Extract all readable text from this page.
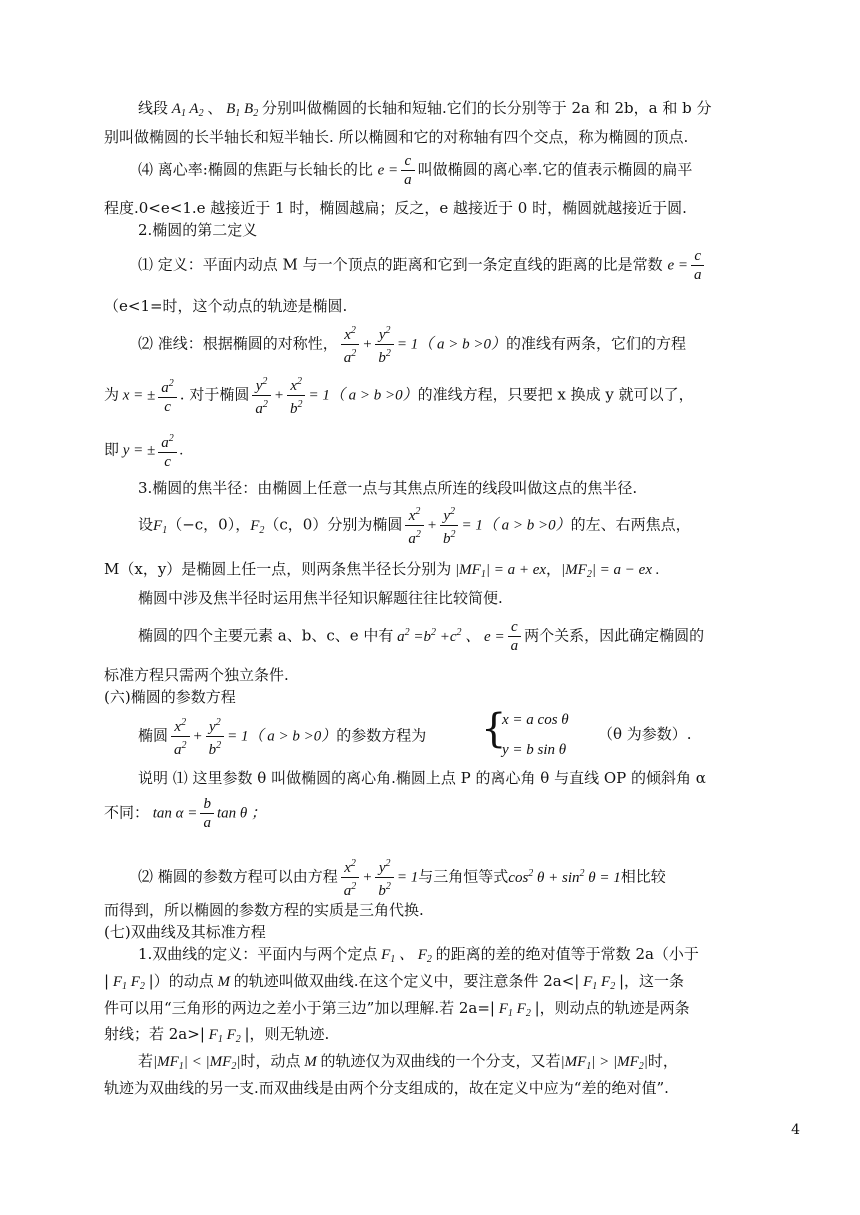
线段 $A_1$ $A_2$ 、 $B_1$ $B_2$ 分别叫做椭圆的长轴和短轴.它们的长分别等于 2a 和 2b，a 和 b 分
别叫做椭圆的长半轴长和短半轴长. 所以椭圆和它的对称轴有四个交点，称为椭圆的顶点.
⑷ 离心率:椭圆的焦距与长轴长的比 $e = \frac{c}{a}$ 叫做椭圆的离心率.它的值表示椭圆的扁平
程度.0<e<1.e 越接近于 1 时，椭圆越扁；反之，e 越接近于 0 时，椭圆就越接近于圆.
2.椭圆的第二定义
⑴ 定义：平面内动点 M 与一个顶点的距离和它到一条定直线的距离的比是常数 $e = \frac{c}{a}$
（e<1=时，这个动点的轨迹是椭圆.
⑵ 准线：根据椭圆的对称性， $\frac{x^2}{a^2} + \frac{y^2}{b^2} = 1$（ a > b >0）的准线有两条，它们的方程
为 x = ± $\frac{a^2}{c}$ . 对于椭圆 $\frac{y^2}{a^2} + \frac{x^2}{b^2} = 1$（ a > b >0）的准线方程，只要把 x 换成 y 就可以了，
即 y = ± $\frac{a^2}{c}$ .
3.椭圆的焦半径：由椭圆上任意一点与其焦点所连的线段叫做这点的焦半径.
设$F_1(-c$，0），$F_2(c$，0）分别为椭圆 $\frac{x^2}{a^2} + \frac{y^2}{b^2} = 1$（ a > b >0）的左、右两焦点，
M（x，y）是椭圆上任一点，则两条焦半径长分别为 $|MF_1| = a$ + ex，$|MF_2| = a$ − ex .
椭圆中涉及焦半径时运用焦半径知识解题往往比较简便.
椭圆的四个主要元素 a、b、c、e 中有 $a^2 =b^2 +c^2$ 、 $e = \frac{c}{a}$ 两个关系，因此确定椭圆的
标准方程只需两个独立条件.
(六)椭圆的参数方程
椭圆 $\frac{x^2}{a^2} + \frac{y^2}{b^2} = 1$（ a > b >0）的参数方程为 {
x = a cos θ
y = b sin θ
（θ 为参数）.
说明 ⑴ 这里参数 θ 叫做椭圆的离心角.椭圆上点 P 的离心角 θ 与直线 OP 的倾斜角 α
不同： $\tan \alpha = \frac{b}{a}$ tan θ ；
⑵ 椭圆的参数方程可以由方程 $\frac{x^2}{a^2} + \frac{y^2}{b^2} = 1$与三角恒等式$\cos^2 \theta + \sin^2 \theta = 1$相比较
而得到，所以椭圆的参数方程的实质是三角代换.
(七)双曲线及其标准方程
1.双曲线的定义：平面内与两个定点 $F_1$ 、 $F_2$ 的距离的差的绝对值等于常数 2a（小于
| $F_1$ $F_2$ |）的动点 M 的轨迹叫做双曲线.在这个定义中，要注意条件 2a<| $F_1$ $F_2$ |，这一条
件可以用“三角形的两边之差小于第三边”加以理解.若 2a=| $F_1$ $F_2$ |，则动点的轨迹是两条
射线；若 2a>| $F_1$ $F_2$ |，则无轨迹.
若$|MF_1| < |MF_2|$时，动点 M 的轨迹仅为双曲线的一个分支，又若$|MF_1| > |MF_2|$时，
轨迹为双曲线的另一支.而双曲线是由两个分支组成的，故在定义中应为“差的绝对值”.
4
